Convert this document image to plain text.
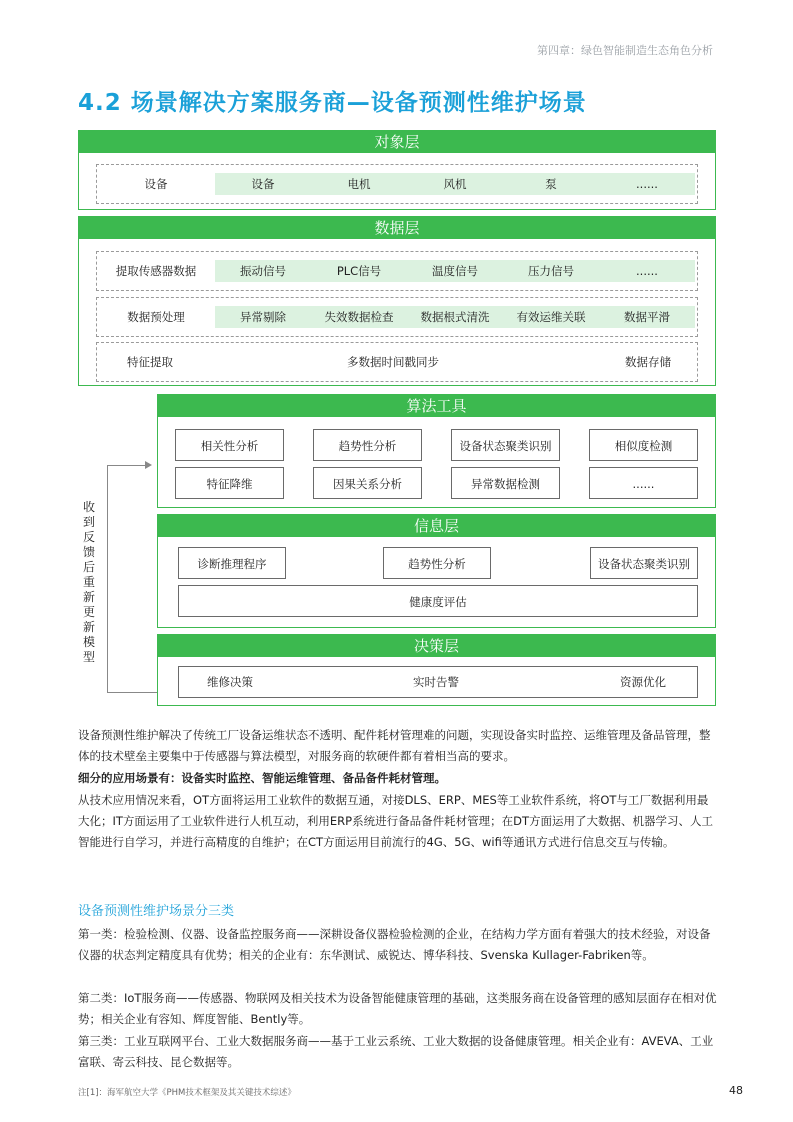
第四章：绿色智能制造生态角色分析
4.2 场景解决方案服务商—设备预测性维护场景
对象层
设备	设备	电机	风机	泵	......
数据层
提取传感器数据	振动信号	PLC信号	温度信号	压力信号	......
数据预处理	异常剔除	失效数据检查	数据根式清洗	有效运维关联	数据平滑
特征提取	多数据时间戳同步	数据存储
算法工具
相关性分析	趋势性分析	设备状态聚类识别	相似度检测
特征降维	因果关系分析	异常数据检测	......
信息层
诊断推理程序	趋势性分析	设备状态聚类识别
健康度评估
决策层
维修决策	实时告警	资源优化
收到反馈后重新更新模型

设备预测性维护解决了传统工厂设备运维状态不透明、配件耗材管理难的问题，实现设备实时监控、运维管理及备品管理，整体的技术壁垒主要集中于传感器与算法模型，对服务商的软硬件都有着相当高的要求。

细分的应用场景有：设备实时监控、智能运维管理、备品备件耗材管理。

从技术应用情况来看，OT方面将运用工业软件的数据互通，对接DLS、ERP、MES等工业软件系统，将OT与工厂数据利用最大化；IT方面运用了工业软件进行人机互动，利用ERP系统进行备品备件耗材管理；在DT方面运用了大数据、机器学习、人工智能进行自学习，并进行高精度的自维护；在CT方面运用目前流行的4G、5G、wifi等通讯方式进行信息交互与传输。

设备预测性维护场景分三类

第一类：检验检测、仪器、设备监控服务商——深耕设备仪器检验检测的企业，在结构力学方面有着强大的技术经验，对设备仪器的状态判定精度具有优势；相关的企业有：东华测试、威锐达、博华科技、Svenska Kullager-Fabriken等。

第二类：IoT服务商——传感器、物联网及相关技术为设备智能健康管理的基础，这类服务商在设备管理的感知层面存在相对优势；相关企业有容知、辉度智能、Bently等。

第三类：工业互联网平台、工业大数据服务商——基于工业云系统、工业大数据的设备健康管理。相关企业有：AVEVA、工业富联、寄云科技、昆仑数据等。

注[1]：海军航空大学《PHM技术框架及其关键技术综述》	48
